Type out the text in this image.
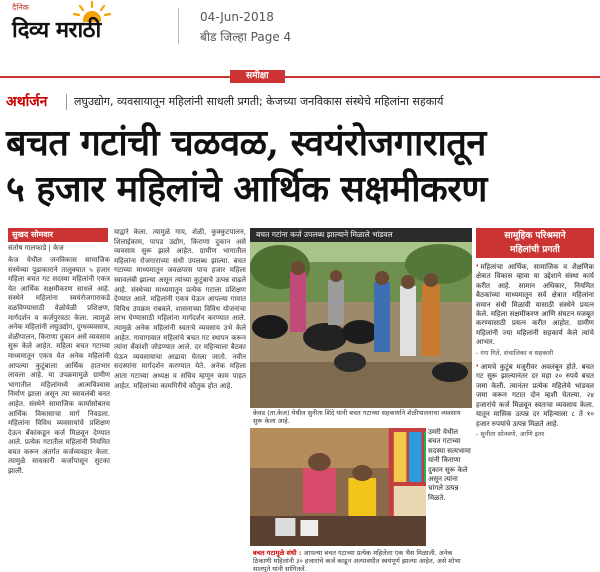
दैनिक
दिव्य मराठी
04-Jun-2018
बीड जिल्हा Page 4
समीक्षा
अर्थार्जन लघुउद्योग, व्यवसायातून महिलांनी साधली प्रगती; केजच्या जनविकास संस्थेचे महिलांना सहकार्य
बचत गटांची चळवळ, स्वयंरोजगारातून
५ हजार महिलांचे आर्थिक सक्षमीकरण
सुखद सोमवार
संतोष गालफाडे | केज
केज येथील जनविकास सामाजिक संस्थेच्या पुढाकाराने तालुक्यात ५ हजार महिला बचत गट सदस्या महिलांनी एकत्र येत आर्थिक सक्षमीकरण साधले आहे. संस्थेने महिलांना स्वयंरोजगाराकडे वळविण्यासाठी वेळोवेळी प्रशिक्षण, मार्गदर्शन व कर्जपुरवठा केला. त्यामुळे अनेक महिलांनी लघुउद्योग, दुग्धव्यवसाय, शेळीपालन, किराणा दुकान असे व्यवसाय सुरू केले आहेत. महिला बचत गटाच्या माध्यमातून एकत्र येत अनेक महिलांनी आपल्या कुटुंबाला आर्थिक हातभार लावला आहे. या उपक्रमामुळे ग्रामीण भागातील महिलांमध्ये आत्मविश्वास निर्माण झाला असून त्या स्वावलंबी बनत आहेत. संस्थेने सामाजिक कार्यासोबतच आर्थिक विकासाचा मार्ग निवडला. महिलांना विविध व्यवसायांचे प्रशिक्षण देऊन बँकांकडून कर्ज मिळवून देण्यात आले. प्रत्येक गटातील महिलांनी नियमित बचत करून अंतर्गत कर्जव्यवहार केला. त्यामुळे सावकारी कर्जापासून सुटका झाली.
याद्वारे केला. त्यामुळे गाय, शेळी, कुक्कुटपालन, शिलाईकाम, पापड उद्योग, किराणा दुकान असे व्यवसाय सुरू झाले आहेत. ग्रामीण भागातील महिलांना रोजगाराच्या संधी उपलब्ध झाल्या. बचत गटाच्या माध्यमातून जवळपास पाच हजार महिला स्वावलंबी झाल्या असून त्यांच्या कुटुंबाचे उत्पन्न वाढले आहे. संस्थेच्या माध्यमातून प्रत्येक गटाला प्रशिक्षण देण्यात आले. महिलांनी एकत्र येऊन आपल्या गावात विविध उपक्रम राबवले. शासनाच्या विविध योजनांचा लाभ घेण्यासाठी महिलांना मार्गदर्शन करण्यात आले. त्यामुळे अनेक महिलांनी स्वतःचे व्यवसाय उभे केले आहेत. गावागावात महिलांचे बचत गट स्थापन करून त्यांना बँकांशी जोडण्यात आले. दर महिन्याला बैठका घेऊन व्यवसायाचा आढावा घेतला जातो. नवीन सदस्यांना मार्गदर्शन करण्यात येते. अनेक महिला आता गटाच्या अध्यक्ष व सचिव म्हणून काम पाहत आहेत. महिलांच्या कामगिरीचे कौतुक होत आहे.
बचत गटांना कर्ज उपलब्ध झाल्याने मिळाले भांडवल
केवड (ता.केज) येथील सुनीता शिंदे यांनी बचत गटाच्या सहकार्याने शेळीपालनाचा व्यवसाय सुरू केला आहे.
उमरी येथील बचत गटाच्या सदस्या सत्यभामा यांनी किराणा दुकान सुरू केले असून त्यांना चांगले उत्पन्न मिळते.
बचत गटामुळे संधी : आपल्या बचत गटाच्या प्रत्येक महिलेला एक भैस मिळाली. अनेक ठिकाणी महिलांनी ३० हजारांचे कर्ज काढून अल्पावधीत स्वयंपूर्ण झाल्या आहेत, असे शोभा सातपुते यांनी सांगितले.
सामूहिक परिश्रमाने
महिलांची प्रगती
❛ महिलांचा आर्थिक, सामाजिक व शैक्षणिक क्षेत्रात विकास व्हावा या उद्देशाने संस्था कार्य करीत आहे. सामान अधिकार, नियमित बैठकांच्या माध्यमातून सर्व क्षेत्रात महिलांना समान संधी मिळावी यासाठी संस्थेने प्रयत्न केले. महिला सक्षमीकरण आणि संघटन मजबूत करण्यासाठी प्रयत्न करीत आहोत. ग्रामीण महिलांनी ज्या महिलांनी सहकार्य केले त्यांचे आभार.
- रंगा गिते, संचालिका व सहकारी
❛ आमचे कुटुंब मजुरीवर अवलंबून होते. बचत गट सुरू झाल्यानंतर दर महा २० रुपये बचत जमा केली. त्यानंतर प्रत्येक महिलेचे भांडवल जमा करून गटात दोन म्हशी घेतल्या. २४ हजारांचे कर्ज मिळवून स्वतःचा व्यवसाय केला. यातून मासिक उत्पन्न दर महिन्याला ८ ते १० हजार रुपयांचे उत्पन्न मिळते आहे.
- सुनीता सोनवणे, आणि इतर
